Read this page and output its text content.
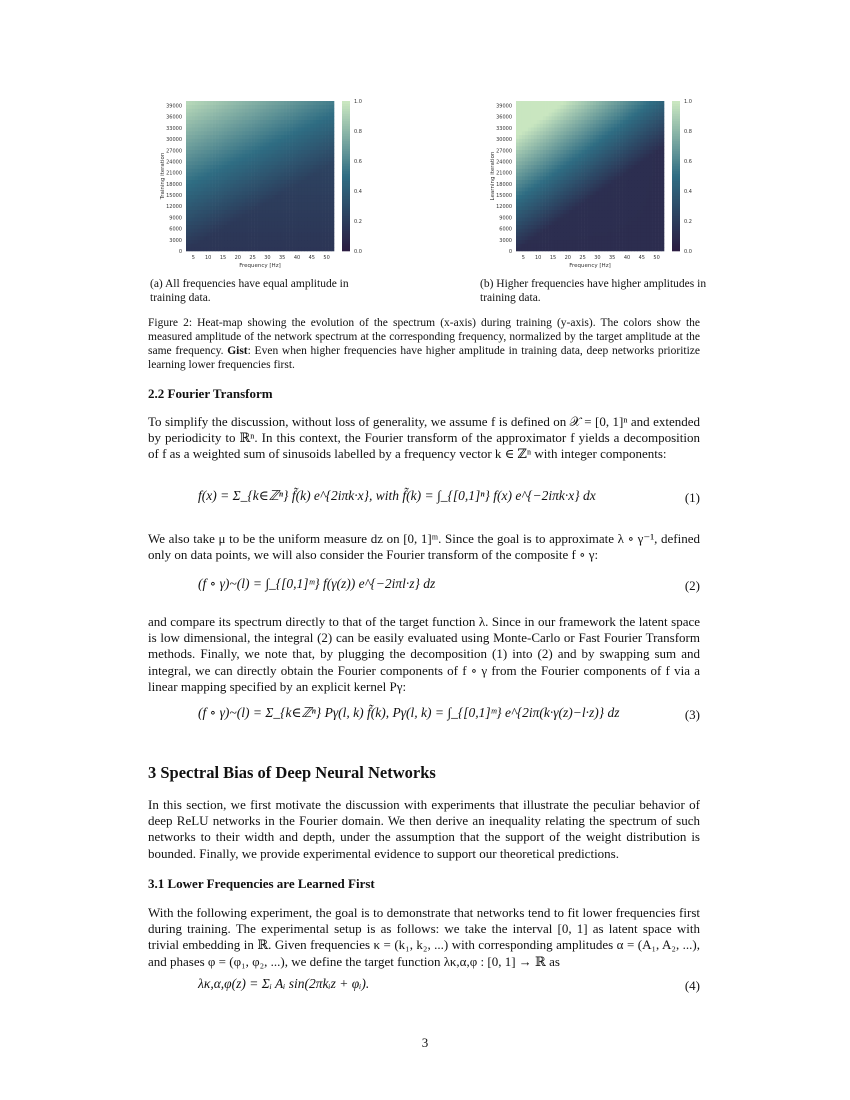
0
3000
6000
9000
12000
15000
18000
21000
24000
27000
30000
33000
36000
39000
5 10 15 20 25 30 35 40 45 50
Frequency [Hz]
Training iteration
0.0
0.2
0.4
0.6
0.8
1.0
0
3000
6000
9000
12000
15000
18000
21000
24000
27000
30000
33000
36000
39000
5 10 15 20 25 30 35 40 45 50
Frequency [Hz]
Learning iteration
0.0
0.2
0.4
0.6
0.8
1.0
(a) All frequencies have equal amplitude in training data.
(b) Higher frequencies have higher amplitudes in training data.
Figure 2: Heat-map showing the evolution of the spectrum (x-axis) during training (y-axis). The colors show the measured amplitude of the network spectrum at the corresponding frequency, normalized by the target amplitude at the same frequency. Gist: Even when higher frequencies have higher amplitude in training data, deep networks prioritize learning lower frequencies first.
2.2 Fourier Transform
To simplify the discussion, without loss of generality, we assume f is defined on 𝒳 = [0, 1]ⁿ and extended by periodicity to ℝⁿ. In this context, the Fourier transform of the approximator f yields a decomposition of f as a weighted sum of sinusoids labelled by a frequency vector k ∈ ℤⁿ with integer components:
f(x) = Σ_{k∈ℤⁿ} f̃(k) e^{2iπk·x}, with f̃(k) = ∫_{[0,1]ⁿ} f(x) e^{−2iπk·x} dx	(1)
We also take μ to be the uniform measure dz on [0, 1]ᵐ. Since the goal is to approximate λ ∘ γ⁻¹, defined only on data points, we will also consider the Fourier transform of the composite f ∘ γ:
(f ∘ γ)~(l) = ∫_{[0,1]ᵐ} f(γ(z)) e^{−2iπl·z} dz	(2)
and compare its spectrum directly to that of the target function λ. Since in our framework the latent space is low dimensional, the integral (2) can be easily evaluated using Monte-Carlo or Fast Fourier Transform methods. Finally, we note that, by plugging the decomposition (1) into (2) and by swapping sum and integral, we can directly obtain the Fourier components of f ∘ γ from the Fourier components of f via a linear mapping specified by an explicit kernel Pγ:
(f ∘ γ)~(l) = Σ_{k∈ℤⁿ} Pγ(l, k) f̃(k), Pγ(l, k) = ∫_{[0,1]ᵐ} e^{2iπ(k·γ(z)−l·z)} dz	(3)
3 Spectral Bias of Deep Neural Networks
In this section, we first motivate the discussion with experiments that illustrate the peculiar behavior of deep ReLU networks in the Fourier domain. We then derive an inequality relating the spectrum of such networks to their width and depth, under the assumption that the support of the weight distribution is bounded. Finally, we provide experimental evidence to support our theoretical predictions.
3.1 Lower Frequencies are Learned First
With the following experiment, the goal is to demonstrate that networks tend to fit lower frequencies first during training. The experimental setup is as follows: we take the interval [0, 1] as latent space with trivial embedding in ℝ. Given frequencies κ = (k₁, k₂, ...) with corresponding amplitudes α = (A₁, A₂, ...), and phases φ = (φ₁, φ₂, ...), we define the target function λκ,α,φ : [0, 1] → ℝ as
λκ,α,φ(z) = Σᵢ Aᵢ sin(2πkᵢz + φᵢ).	(4)
3
